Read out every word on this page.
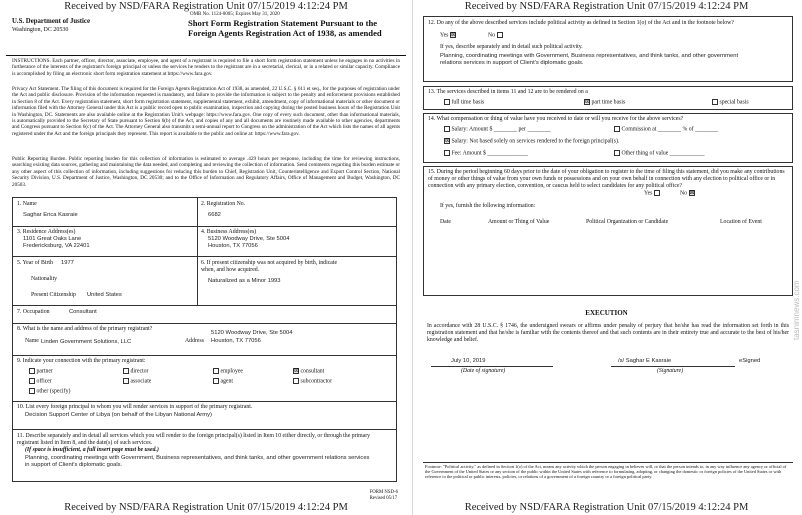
Received by NSD/FARA Registration Unit 07/15/2019 4:12:24 PM
U.S. Department of Justice
Washington, DC 20530
OMB No. 1124-0005; Expires May 31, 2020
Short Form Registration Statement Pursuant to the Foreign Agents Registration Act of 1938, as amended
INSTRUCTIONS. Each partner, officer, director, associate, employee, and agent of a registrant is required to file a short form registration statement unless he engages in no activities in furtherance of the interests of the registrant's foreign principal or unless the services he renders to the registrant are in a secretarial, clerical, or in a related or similar capacity. Compliance is accomplished by filing an electronic short form registration statement at https://www.fara.gov.
Privacy Act Statement. The filing of this document is required for the Foreign Agents Registration Act of 1938, as amended, 22 U.S.C. § 611 et seq., for the purposes of registration under the Act and public disclosure. Provision of the information requested is mandatory, and failure to provide the information is subject to the penalty and enforcement provisions established in Section 8 of the Act. Every registration statement, short form registration statement, supplemental statement, exhibit, amendment, copy of informational materials or other document or information filed with the Attorney General under this Act is a public record open to public examination, inspection and copying during the posted business hours of the Registration Unit in Washington, DC. Statements are also available online at the Registration Unit's webpage: https://www.fara.gov. One copy of every such document, other than informational materials, is automatically provided to the Secretary of State pursuant to Section 6(b) of the Act, and copies of any and all documents are routinely made available to other agencies, departments and Congress pursuant to Section 6(c) of the Act. The Attorney General also transmits a semi-annual report to Congress on the administration of the Act which lists the names of all agents registered under the Act and the foreign principals they represent. This report is available to the public and online at: https://www.fara.gov.
Public Reporting Burden. Public reporting burden for this collection of information is estimated to average .429 hours per response, including the time for reviewing instructions, searching existing data sources, gathering and maintaining the data needed, and completing and reviewing the collection of information. Send comments regarding this burden estimate or any other aspect of this collection of information, including suggestions for reducing this burden to Chief, Registration Unit, Counterintelligence and Export Control Section, National Security Division, U.S. Department of Justice, Washington, DC 20530; and to the Office of Information and Regulatory Affairs, Office of Management and Budget, Washington, DC 20503.
1. Name
Saghar Erica Kasraie
2. Registration No.
6682
3. Residence Address(es)
1101 Great Oaks Lane
Fredericksburg, VA 22401
4. Business Address(es)
5120 Woodway Drive, Ste 5004
Houston, TX 77056
5. Year of Birth 1977
Nationality
Present Citizenship United States
6. If present citizenship was not acquired by birth, indicate when, and how acquired.
Naturalized as a Minor 1993
7. Occupation	Consultant
8. What is the name and address of the primary registrant?
Name Linden Government Solutions, LLC	Address
5120 Woodway Drive, Ste 5004
Houston, TX 77056
9. Indicate your connection with the primary registrant:
partner	director	employee	⊠ consultant
officer	associate	agent	subcontractor
other (specify)
10. List every foreign principal to whom you will render services in support of the primary registrant.
Decision Support Center of Libya (on behalf of the Libyan National Army)
11. Describe separately and in detail all services which you will render to the foreign principal(s) listed in Item 10 either directly, or through the primary registrant listed in Item 8, and the date(s) of such services.
(If space is insufficient, a full insert page must be used.)
Planning, coordinating meetings with Government, Business representatives, and think tanks, and other government relations services in support of Client's diplomatic goals.
FORM NSD-6
Revised 05/17
Received by NSD/FARA Registration Unit 07/15/2019 4:12:24 PM
Received by NSD/FARA Registration Unit 07/15/2019 4:12:24 PM
12. Do any of the above described services include political activity as defined in Section 1(o) of the Act and in the footnote below?
Yes ⊠	No
If yes, describe separately and in detail such political activity.
Planning, coordinating meetings with Government, Business representatives, and think tanks, and other government relations services in support of Client's diplomatic goals.
13. The services described in items 11 and 12 are to be rendered on a
full time basis	⊠ part time basis	special basis
14. What compensation or thing of value have you received to date or will you receive for the above services?
Salary: Amount $ ________ per ________	Commission at ________ % of ________
⊠ Salary: Not based solely on services rendered to the foreign principal(s).
Fee: Amount $ ______________	Other thing of value ____________
15. During the period beginning 60 days prior to the date of your obligation to register to the time of filing this statement, did you make any contributions of money or other things of value from your own funds or possessions and on your own behalf in connection with any election to political office or in connection with any primary election, convention, or caucus held to select candidates for any political office?
Yes	No ⊠
If yes, furnish the following information:
Date	Amount or Thing of Value	Political Organization or Candidate	Location of Event
EXECUTION
In accordance with 28 U.S.C. § 1746, the undersigned swears or affirms under penalty of perjury that he/she has read the information set forth in this registration statement and that he/she is familiar with the contents thereof and that such contents are in their entirety true and accurate to the best of his/her knowledge and belief.
July 10, 2019
(Date of signature)
/s/ Saghar E Kasraie	eSigned
(Signature)
Footnote: "Political activity," as defined in Section 1(o) of the Act, means any activity which the person engaging in believes will, or that the person intends to, in any way influence any agency or official of the Government of the United States or any section of the public within the United States with reference to formulating, adopting, or changing the domestic or foreign policies of the United States or with reference to the political or public interests, policies, or relations of a government of a foreign country or a foreign political party.
tasnimnews.com
Received by NSD/FARA Registration Unit 07/15/2019 4:12:24 PM
